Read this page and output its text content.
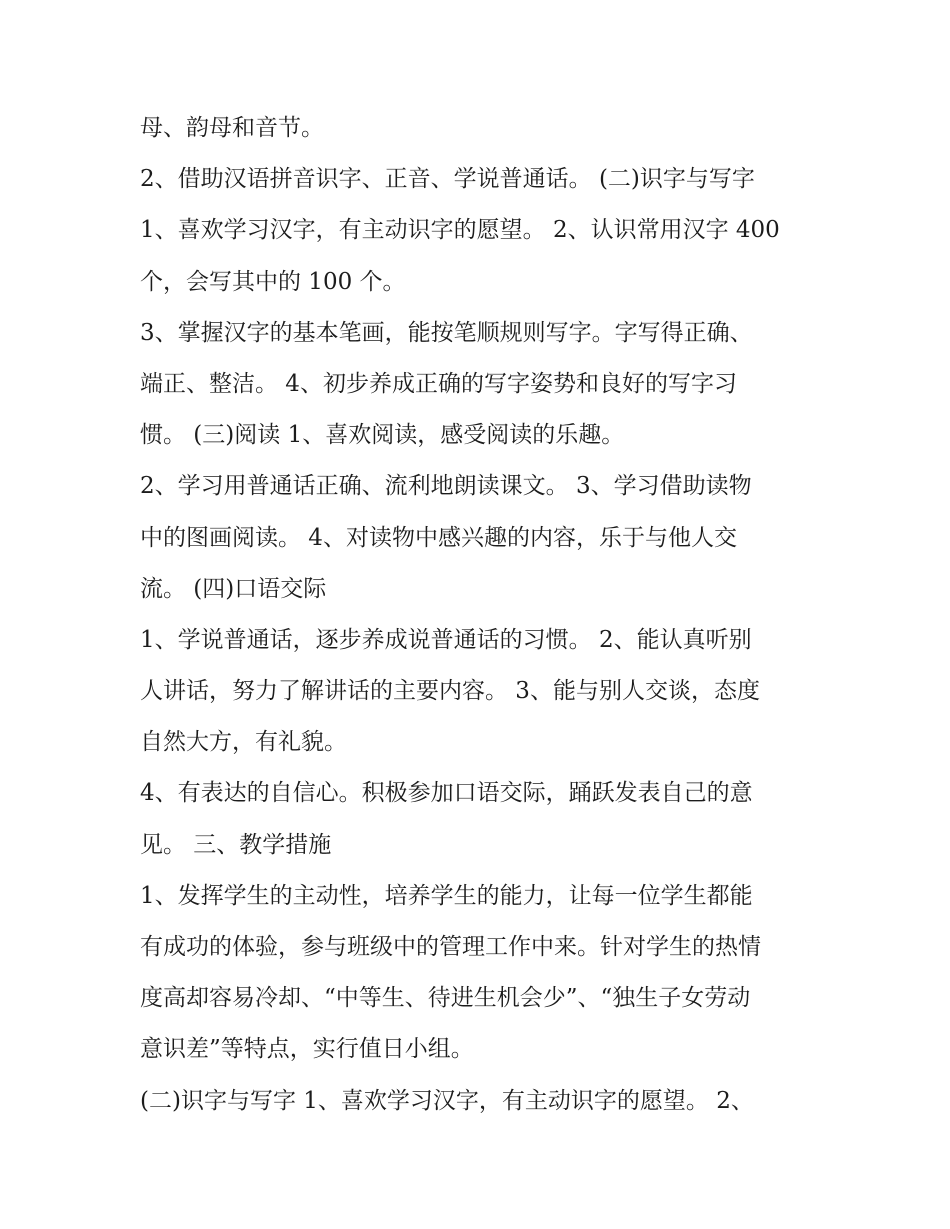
母、韵母和音节。
2、借助汉语拼音识字、正音、学说普通话。 (二)识字与写字
1、喜欢学习汉字，有主动识字的愿望。 2、认识常用汉字 400
个，会写其中的 100 个。
3、掌握汉字的基本笔画，能按笔顺规则写字。字写得正确、
端正、整洁。 4、初步养成正确的写字姿势和良好的写字习
惯。 (三)阅读 1、喜欢阅读，感受阅读的乐趣。
2、学习用普通话正确、流利地朗读课文。 3、学习借助读物
中的图画阅读。 4、对读物中感兴趣的内容，乐于与他人交
流。 (四)口语交际
1、学说普通话，逐步养成说普通话的习惯。 2、能认真听别
人讲话，努力了解讲话的主要内容。 3、能与别人交谈，态度
自然大方，有礼貌。
4、有表达的自信心。积极参加口语交际，踊跃发表自己的意
见。 三、教学措施
1、发挥学生的主动性，培养学生的能力，让每一位学生都能
有成功的体验，参与班级中的管理工作中来。针对学生的热情
度高却容易冷却、“中等生、待进生机会少”、“独生子女劳动
意识差”等特点，实行值日小组。
(二)识字与写字 1、喜欢学习汉字，有主动识字的愿望。 2、
